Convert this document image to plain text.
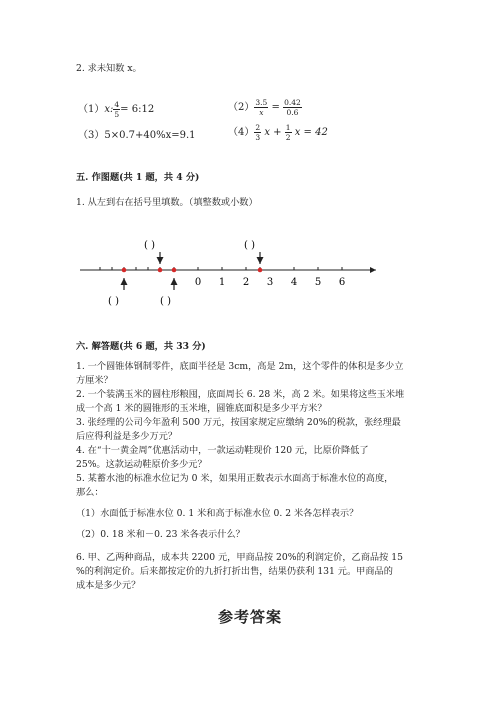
2. 求未知数 x。
（1）x: $\frac{4}{5}$ = 6:12	$(2) \frac{3.5}{x} = \frac{0.42}{0.6}$
（3）5×0.7+40%x=9.1	$(4) \frac{2}{3}$ $x + \frac{1}{2}$ x = 42
五. 作图题(共 1 题，共 4 分)
1. 从左到右在括号里填数。（填整数或小数）
( )	( )
( )	( )
0 1 2 3 4 5 6
六. 解答题(共 6 题，共 33 分)
1. 一个圆锥体钢制零件，底面半径是 3cm，高是 2m，这个零件的体积是多少立
方厘米？
2. 一个装满玉米的圆柱形粮囤，底面周长 6. 28 米，高 2 米。如果将这些玉米堆
成一个高 1 米的圆锥形的玉米堆，圆锥底面积是多少平方米？
3. 张经理的公司今年盈利 500 万元，按国家规定应缴纳 20%的税款，张经理最
后应得利益是多少万元？
4. 在“十一黄金周”优惠活动中，一款运动鞋现价 120 元，比原价降低了
25%。这款运动鞋原价多少元？
5. 某蓄水池的标准水位记为 0 米，如果用正数表示水面高于标准水位的高度，
那么：
（1）水面低于标准水位 0. 1 米和高于标准水位 0. 2 米各怎样表示？
（2）0. 18 米和－0. 23 米各表示什么？
6. 甲、乙两种商品，成本共 2200 元，甲商品按 20%的利润定价，乙商品按 15
%的利润定价。后来都按定价的九折打折出售，结果仍获利 131 元。甲商品的
成本是多少元？
参考答案
